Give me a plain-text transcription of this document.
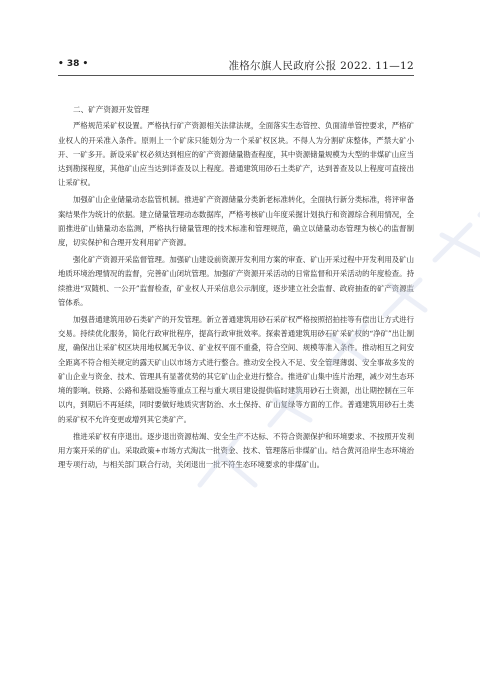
• 38 •	准格尔旗人民政府公报 2022. 11—12
二、矿产资源开发管理

严格规范采矿权设置。严格执行矿产资源相关法律法规，全面落实生态管控、负面清单管控要求，严格矿业权人的开采准入条件。原则上一个矿床只能划分为一个采矿权区块。不得人为分割矿床整体，严禁大矿小开、一矿多开。新设采矿权必须达到相应的矿产资源储量勘查程度，其中资源储量规模为大型的非煤矿山应当达到勘探程度，其他矿山应当达到详查及以上程度。普通建筑用砂石土类矿产，达到普查及以上程度可直接出让采矿权。

加强矿山企业储量动态监管机制。推进矿产资源储量分类新老标准转化，全面执行新分类标准，将评审备案结果作为统计的依据。建立储量管理动态数据库，严格考核矿山年度采掘计划执行和资源综合利用情况，全面推进矿山储量动态监测，严格执行储量管理的技术标准和管理规范，确立以储量动态管理为核心的监督制度，切实保护和合理开发利用矿产资源。

强化矿产资源开采监督管理。加强矿山建设前资源开发利用方案的审查、矿山开采过程中开发利用及矿山地质环境治理情况的监督，完善矿山闭坑管理。加强矿产资源开采活动的日常监督和开采活动的年度检查。持续推进“双随机、一公开”监督检查，矿业权人开采信息公示制度，逐步建立社会监督、政府抽查的矿产资源监管体系。

加强普通建筑用砂石类矿产的开发管理。新立普通建筑用砂石采矿权严格按照招拍挂等有偿出让方式进行交易。持续优化服务，简化行政审批程序，提高行政审批效率。探索普通建筑用砂石矿采矿权的“净矿”出让制度，确保出让采矿权区块用地权属无争议、矿业权平面不重叠，符合空间、规模等准入条件。推动相互之间安全距离不符合相关规定的露天矿山以市场方式进行整合。推动安全投入不足、安全管理薄弱、安全事故多发的矿山企业与资金、技术、管理具有显著优势的其它矿山企业进行整合。推进矿山集中连片治理，减少对生态环境的影响。铁路、公路和基础设施等重点工程与重大项目建设提供临时建筑用砂石土资源，出让期控制在三年以内，到期后不再延续，同时要做好地质灾害防治、水土保持、矿山复绿等方面的工作。普通建筑用砂石土类的采矿权不允许变更或增列其它类矿产。

推进采矿权有序退出。逐步退出资源枯竭、安全生产不达标、不符合资源保护和环境要求、不按照开发利用方案开采的矿山。采取政策+市场方式淘汰一批资金、技术、管理落后非煤矿山。结合黄河沿岸生态环境治理专项行动，与相关部门联合行动，关闭退出一批不符生态环境要求的非煤矿山。
